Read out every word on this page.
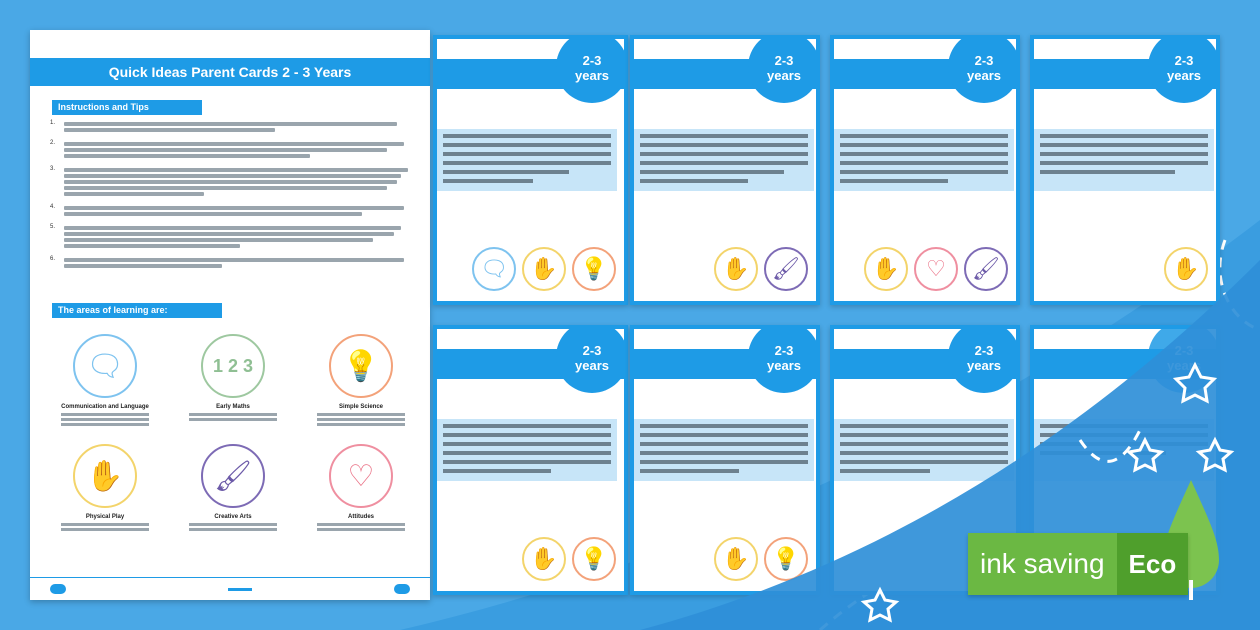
Quick Ideas Parent Cards 2 - 3 Years
Instructions and Tips
1.
2.
3.
4.
5.
6.
The areas of learning are:
🗨
Communication and Language
1 2 3
Early Maths
💡
Simple Science
✋
Physical Play
🖌
Creative Arts
♡
Attitudes
2-3
years
🗨	✋	💡
2-3
years
✋	🖌
2-3
years
✋	♡	🖌
2-3
years
✋
2-3
years
✋	💡
2-3
years
✋	💡
2-3
years
ink saving Eco
